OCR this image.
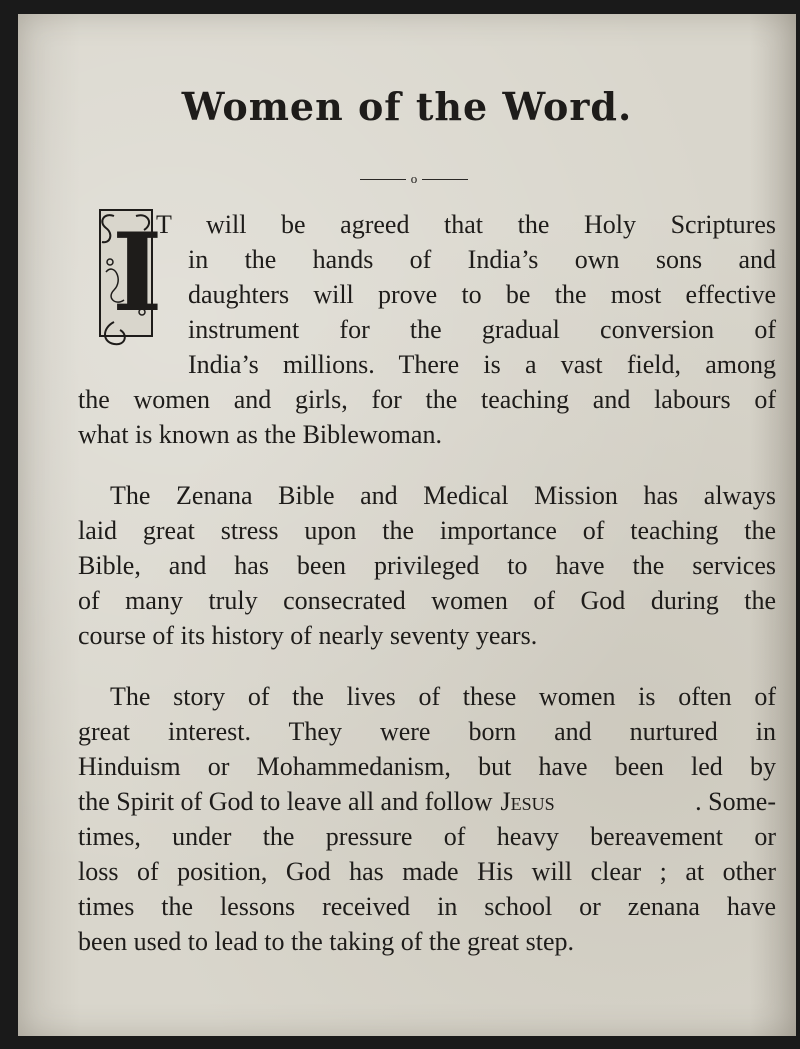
Women of the Word.
o
I
T will be agreed that the Holy Scriptures
in the hands of India’s own sons and
daughters will prove to be the most effective
instrument for the gradual conversion of
India’s millions. There is a vast field, among
the women and girls, for the teaching and labours of
what is known as the Biblewoman.
The Zenana Bible and Medical Mission has always
laid great stress upon the importance of teaching the
Bible, and has been privileged to have the services
of many truly consecrated women of God during the
course of its history of nearly seventy years.
The story of the lives of these women is often of
great interest. They were born and nurtured in
Hinduism or Mohammedanism, but have been led by
the Spirit of God to leave all and follow Jesus	. Some-
times, under the pressure of heavy bereavement or
loss of position, God has made His will clear ; at other
times the lessons received in school or zenana have
been used to lead to the taking of the great step.
